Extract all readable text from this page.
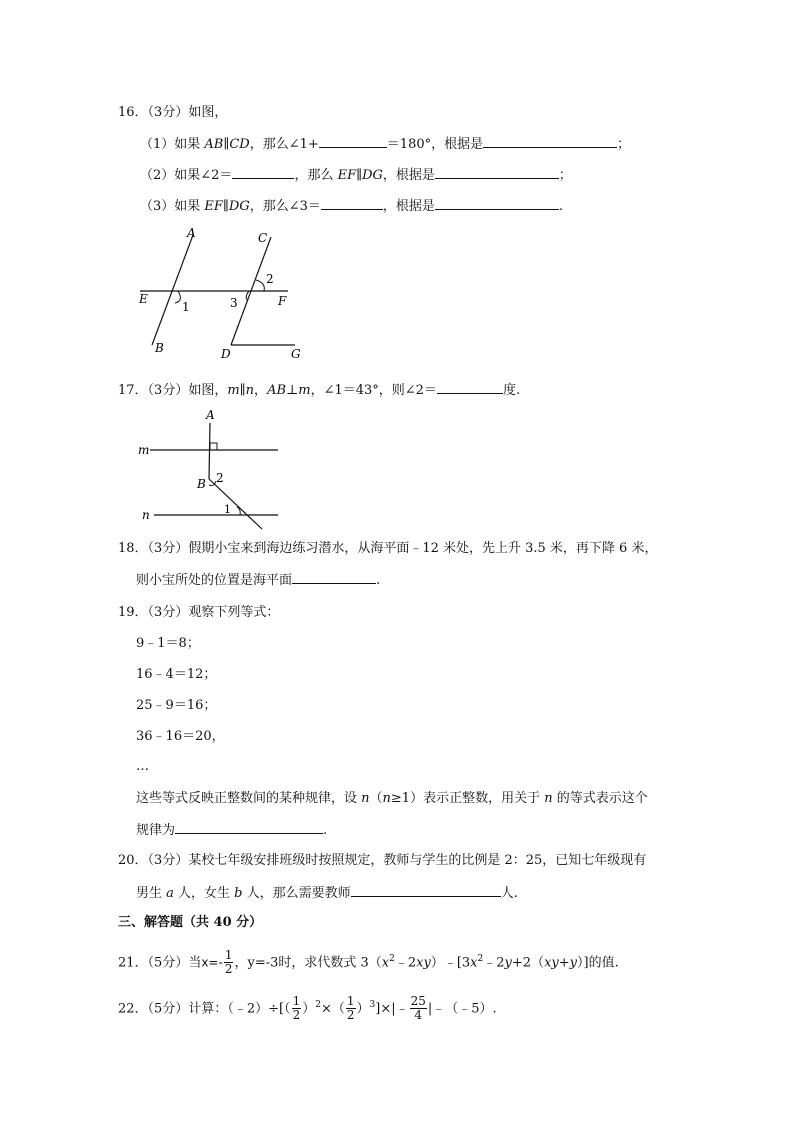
16．（3分）如图，
（1）如果 AB∥CD，那么∠1+	＝180°，根据是	；
（2）如果∠2＝	，那么 EF∥DG，根据是	；
（3）如果 EF∥DG，那么∠3＝	，根据是	.
A
B
C
D
E	F
G
1
2
3
17．（3分）如图，m∥n，AB⊥m，∠1＝43°，则∠2＝	度.
A
B
m
n
2
1
18．（3分）假期小宝来到海边练习潜水，从海平面﹣12 米处，先上升 3.5 米，再下降 6 米，
则小宝所处的位置是海平面	.
19．（3分）观察下列等式：
9﹣1＝8；
16﹣4＝12；
25﹣9＝16；
36﹣16＝20，
…
这些等式反映正整数间的某种规律，设 n（n≥1）表示正整数，用关于 n 的等式表示这个
规律为	.
20．（3分）某校七年级安排班级时按照规定，教师与学生的比例是 2：25，已知七年级现有
男生 a 人，女生 b 人，那么需要教师	人.
三、解答题（共 40 分）
21．（5分）当$x=- \frac{1}{2}$ ，y=-3时，求代数式 $3(x^2﹣2xy)﹣[3x^2﹣2y+2(xy+y)]$的值.
22．（5分）计算：（﹣2）÷[（ $\frac{1}{2} )^2\times( \frac{1}{2}$ ）$^3]\times|﹣ \frac{25}{4}$ |﹣（﹣5）.
